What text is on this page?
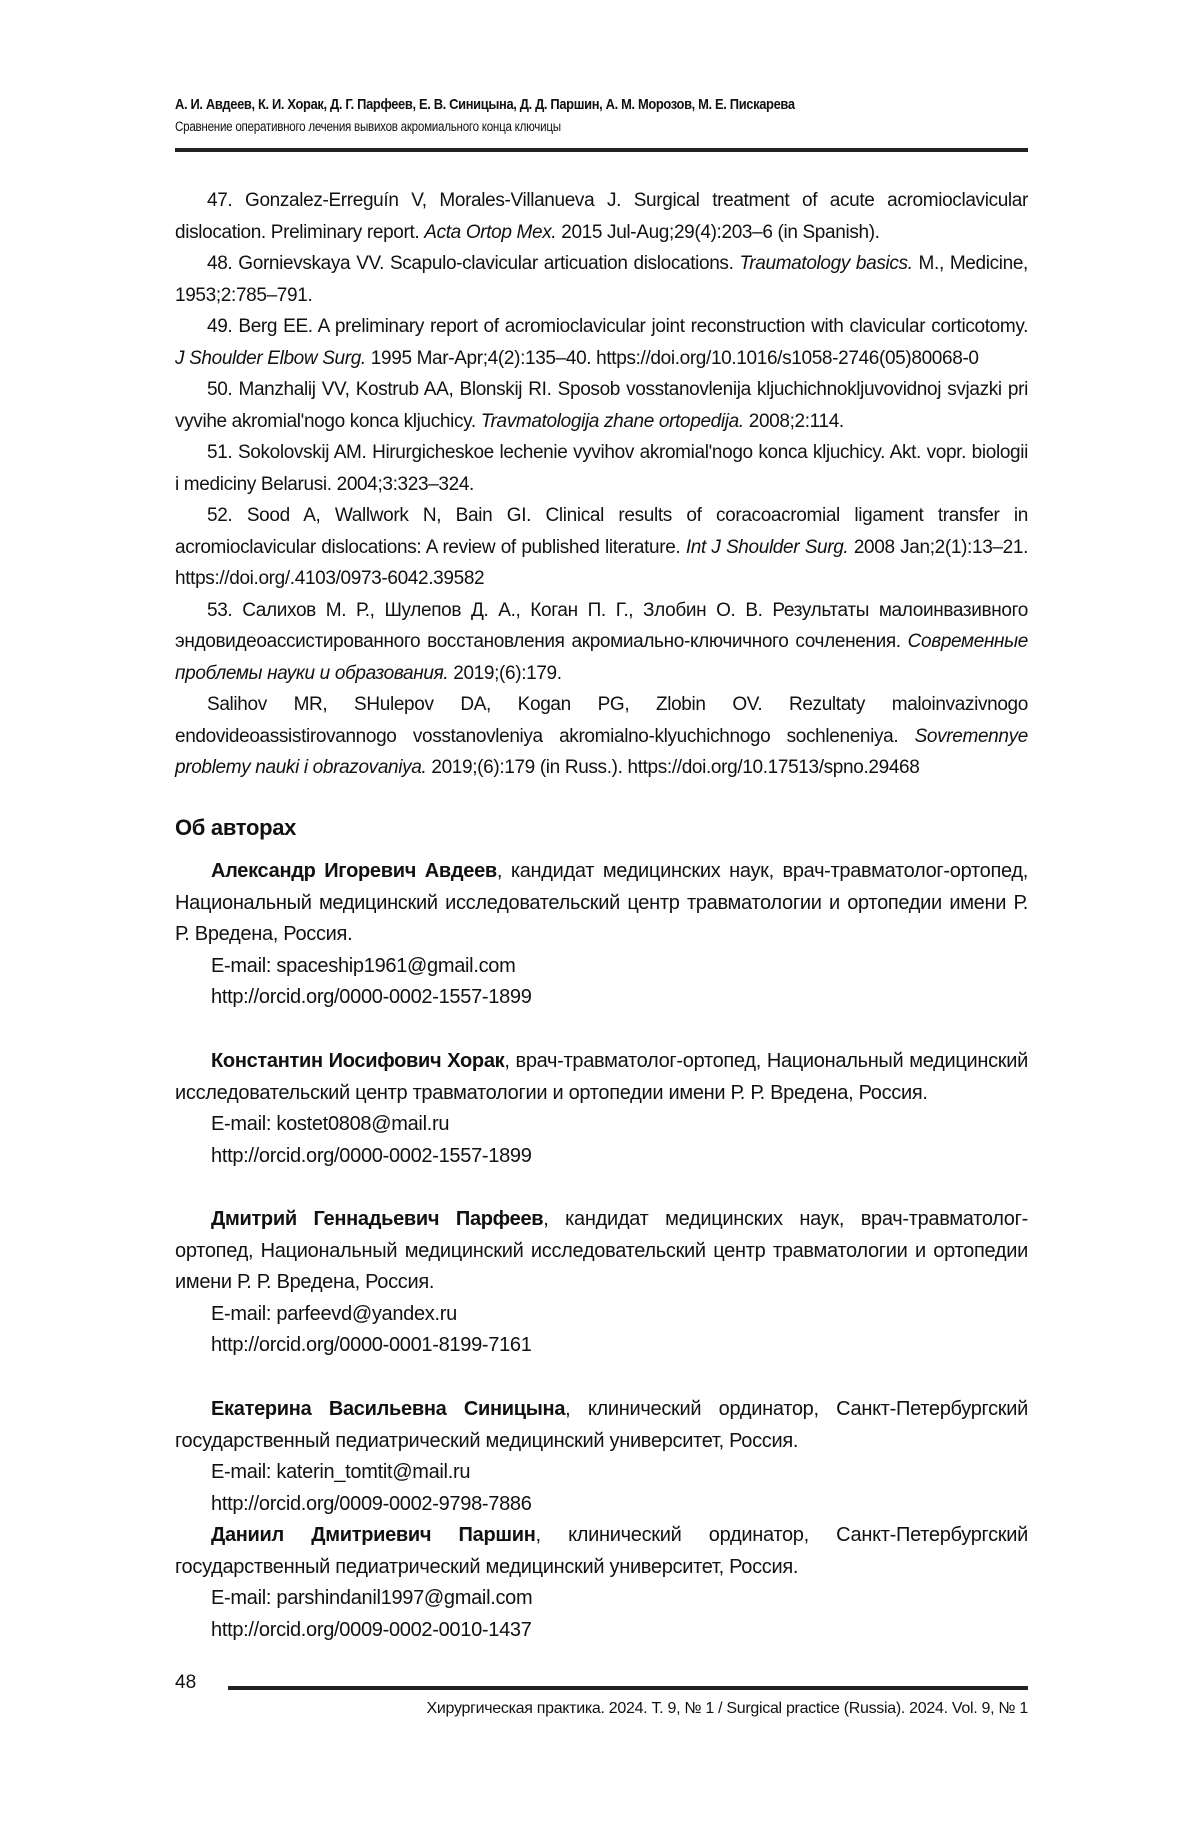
А. И. Авдеев, К. И. Хорак, Д. Г. Парфеев, Е. В. Синицына, Д. Д. Паршин, А. М. Морозов, М. Е. Пискарева
Сравнение оперативного лечения вывихов акромиального конца ключицы

47. Gonzalez-Erreguín V, Morales-Villanueva J. Surgical treatment of acute acromioclavicular dislocation. Preliminary report. Acta Ortop Mex. 2015 Jul-Aug;29(4):203–6 (in Spanish).

48. Gornievskaya VV. Scapulo-clavicular articuation dislocations. Traumatology basics. M., Medicine, 1953;2:785–791.

49. Berg EE. A preliminary report of acromioclavicular joint reconstruction with clavicular corticotomy. J Shoulder Elbow Surg. 1995 Mar-Apr;4(2):135–40. https://doi.org/10.1016/s1058-2746(05)80068-0

50. Manzhalij VV, Kostrub AA, Blonskij RI. Sposob vosstanovlenija kljuchichnokljuvovidnoj svjazki pri vyvihe akromial'nogo konca kljuchicy. Travmatologija zhаne ortopedija. 2008;2:114.

51. Sokolovskij AM. Hirurgicheskoe lechenie vyvihov akromial'nogo konca kljuchicy. Akt. vopr. biologii i mediciny Belarusi. 2004;3:323–324.

52. Sood A, Wallwork N, Bain GI. Clinical results of coracoacromial ligament transfer in acromioclavicular dislocations: A review of published literature. Int J Shoulder Surg. 2008 Jan;2(1):13–21. https://doi.org/.4103/0973-6042.39582

53. Салихов М. Р., Шулепов Д. А., Коган П. Г., Злобин О. В. Результаты малоинвазивного эндовидеоассистированного восстановления акромиально-ключичного сочленения. Современные проблемы науки и образования. 2019;(6):179.

Salihov MR, SHulepov DA, Kogan PG, Zlobin OV. Rezultaty maloinvazivnogo endovideoassistirovannogo vosstanovleniya akromialno-klyuchichnogo sochleneniya. Sovremennye problemy nauki i obrazovaniya. 2019;(6):179 (in Russ.). https://doi.org/10.17513/spno.29468

Об авторах

Александр Игоревич Авдеев, кандидат медицинских наук, врач-травматолог-ортопед, Национальный медицинский исследовательский центр травматологии и ортопедии имени Р. Р. Вредена, Россия.

E-mail: spaceship1961@gmail.com

http://orcid.org/0000-0002-1557-1899

Константин Иосифович Хорак, врач-травматолог-ортопед, Национальный медицинский исследовательский центр травматологии и ортопедии имени Р. Р. Вредена, Россия.

E-mail: kostet0808@mail.ru

http://orcid.org/0000-0002-1557-1899

Дмитрий Геннадьевич Парфеев, кандидат медицинских наук, врач-травматолог-ортопед, Национальный медицинский исследовательский центр травматологии и ортопедии имени Р. Р. Вредена, Россия.

E-mail: parfeevd@yandex.ru

http://orcid.org/0000-0001-8199-7161

Екатерина Васильевна Синицына, клинический ординатор, Санкт-Петербургский государственный педиатрический медицинский университет, Россия.

E-mail: katerin_tomtit@mail.ru

http://orcid.org/0009-0002-9798-7886

Даниил Дмитриевич Паршин, клинический ординатор, Санкт-Петербургский государственный педиатрический медицинский университет, Россия.

E-mail: parshindanil1997@gmail.com

http://orcid.org/0009-0002-0010-1437

48
Хирургическая практика. 2024. Т. 9, № 1 / Surgical practice (Russia). 2024. Vol. 9, № 1
